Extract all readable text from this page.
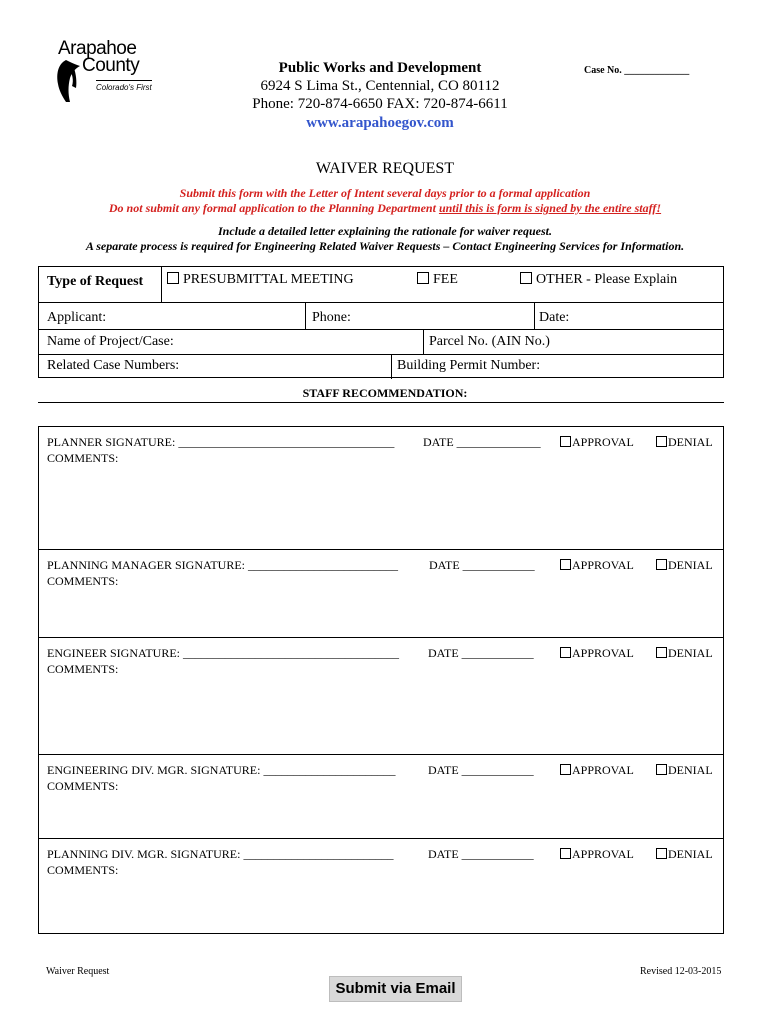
Arapahoe
County
Colorado's First
Public Works and Development
6924 S Lima St., Centennial, CO 80112
Phone: 720-874-6650 FAX: 720-874-6611
www.arapahoegov.com
Case No. _____________
WAIVER REQUEST
Submit this form with the Letter of Intent several days prior to a formal application
Do not submit any formal application to the Planning Department until this is form is signed by the entire staff!
Include a detailed letter explaining the rationale for waiver request.
A separate process is required for Engineering Related Waiver Requests – Contact Engineering Services for Information.
Type of Request	PRESUBMITTAL MEETING	FEE	OTHER - Please Explain
Applicant:	Phone:	Date:
Name of Project/Case:	Parcel No. (AIN No.)
Related Case Numbers:	Building Permit Number:
STAFF RECOMMENDATION:
PLANNER SIGNATURE: ____________________________________ DATE ______________	APPROVAL	DENIAL
COMMENTS:
PLANNING MANAGER SIGNATURE: _________________________	DATE ____________	APPROVAL	DENIAL
COMMENTS:
ENGINEER SIGNATURE: ____________________________________ DATE ____________	APPROVAL	DENIAL
COMMENTS:
ENGINEERING DIV. MGR. SIGNATURE: ______________________	DATE ____________	APPROVAL	DENIAL
COMMENTS:
PLANNING DIV. MGR. SIGNATURE: _________________________	DATE ____________	APPROVAL	DENIAL
COMMENTS:
Waiver Request	Revised 12-03-2015
Submit via Email
